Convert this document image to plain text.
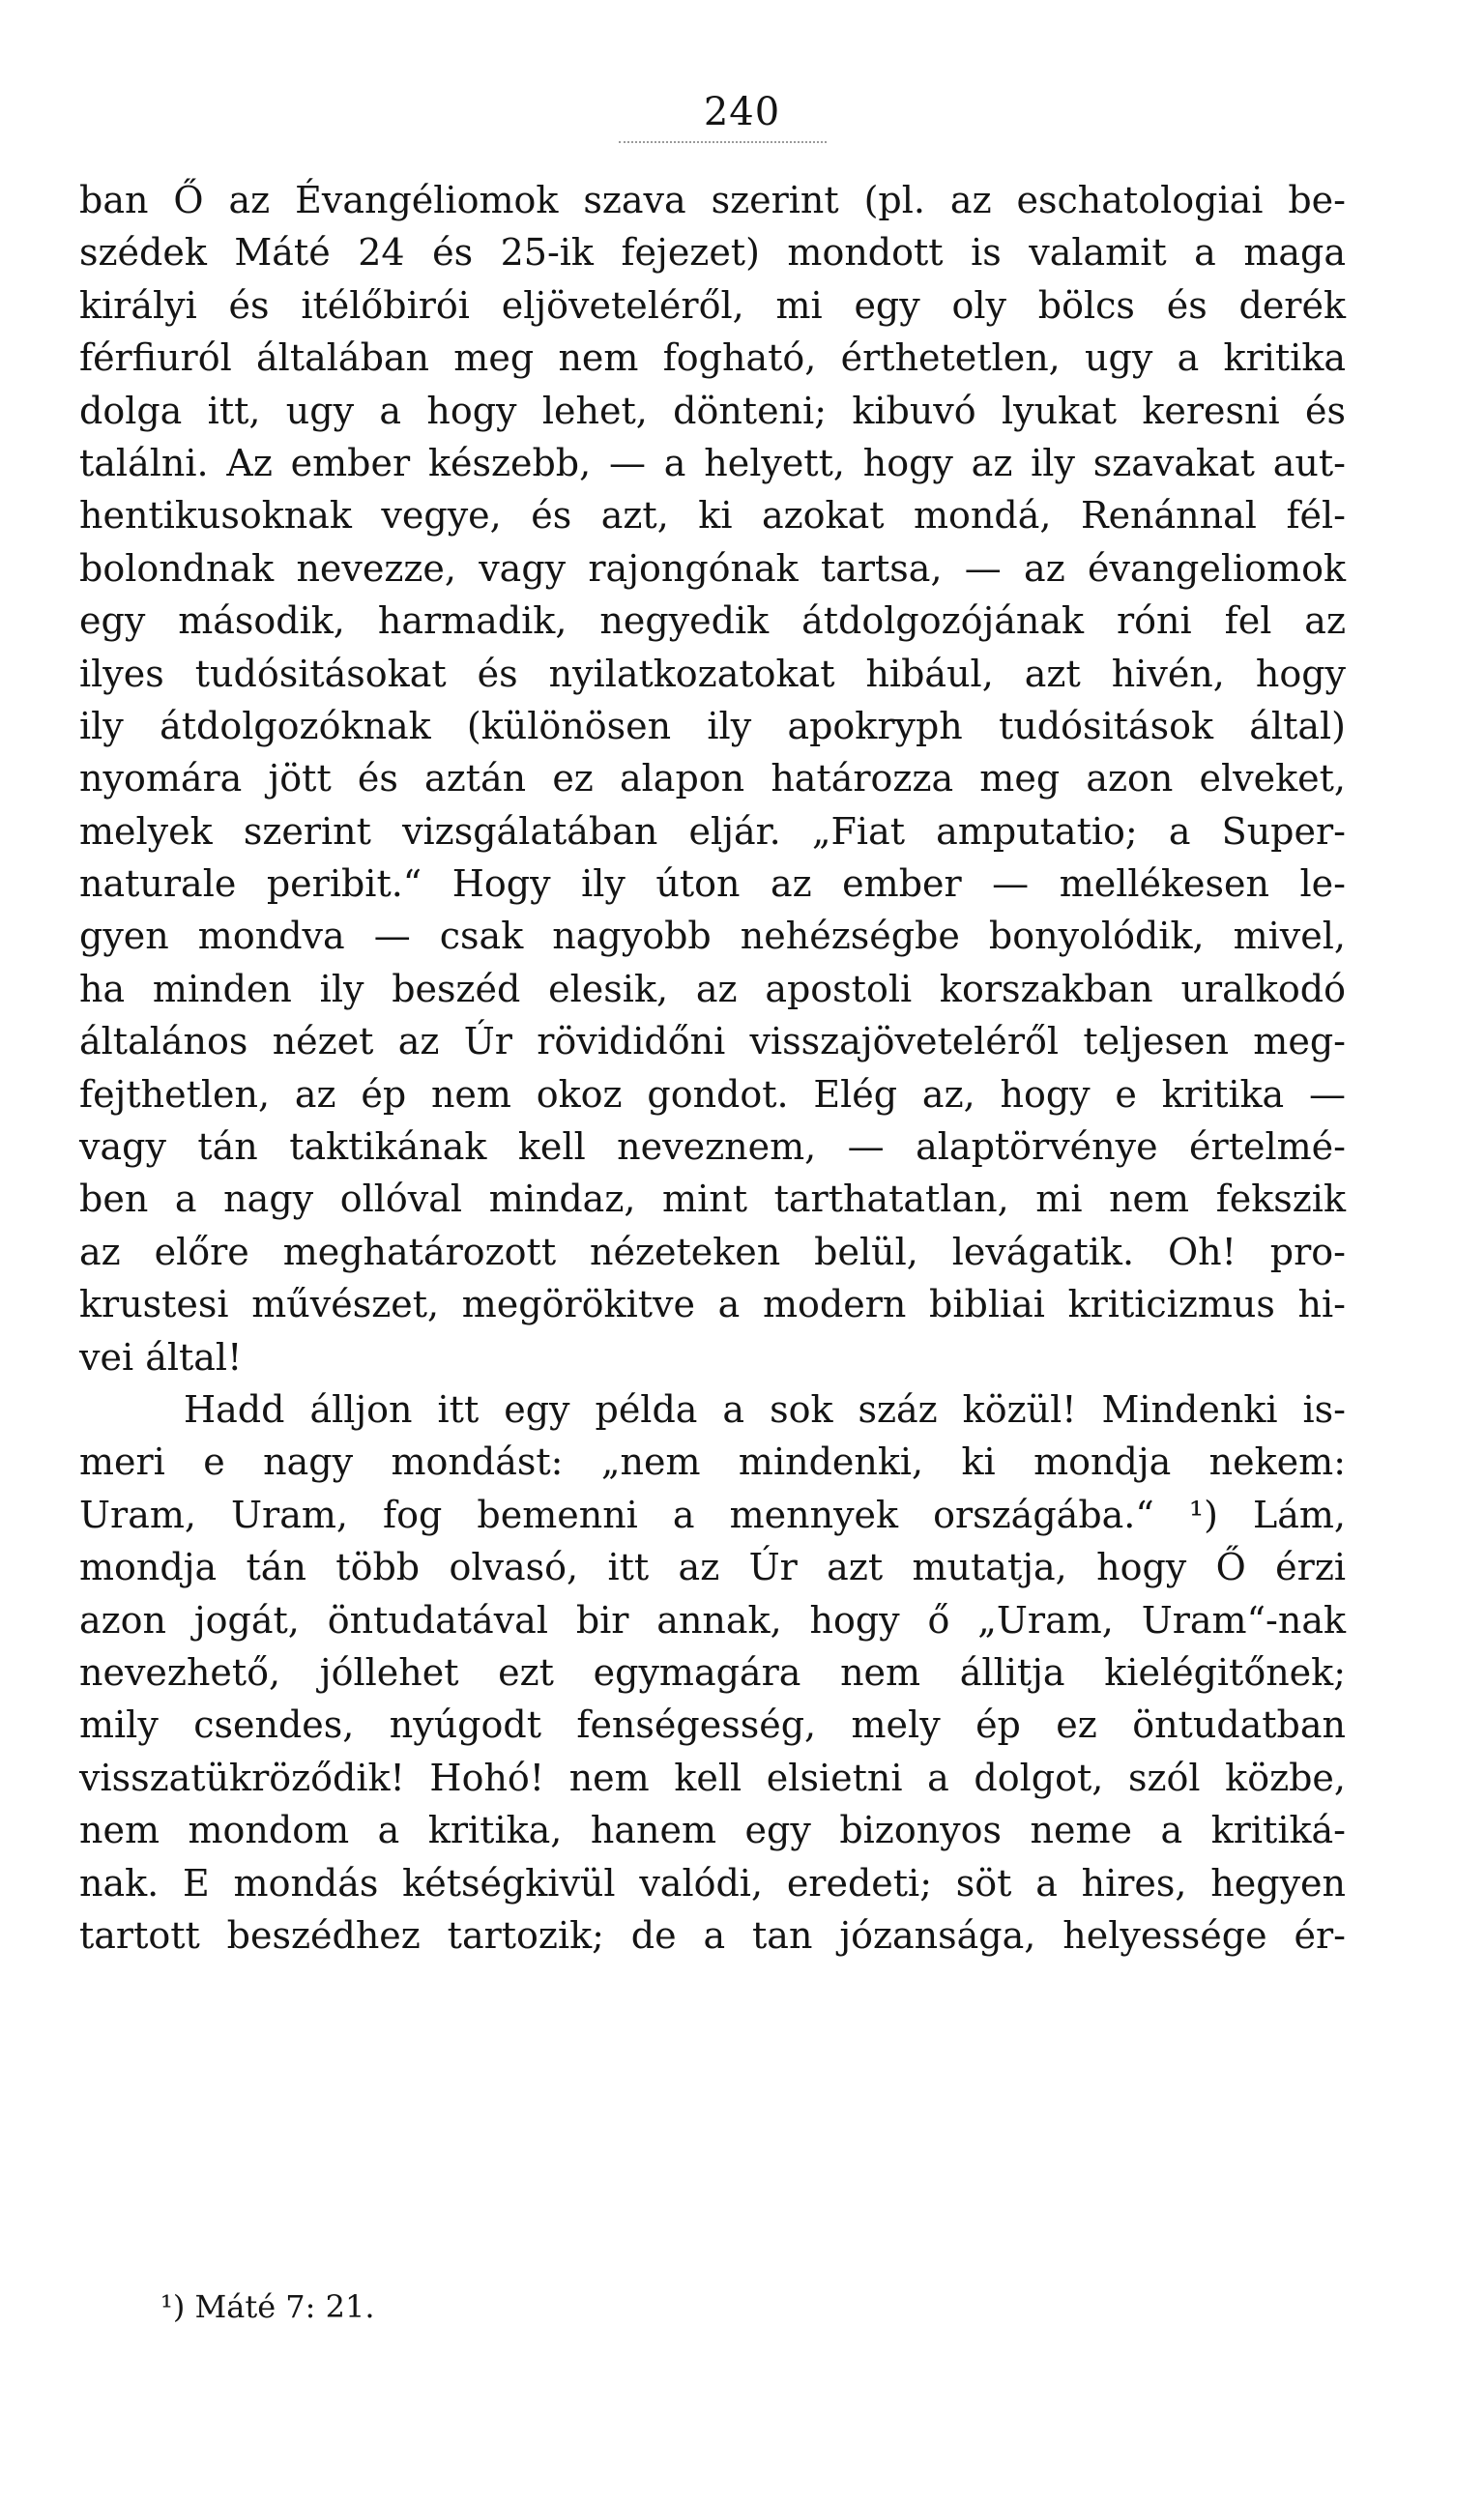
240
ban Ő az Évangéliomok szava szerint (pl. az eschatologiai be-
szédek Máté 24 és 25-ik fejezet) mondott is valamit a maga
királyi és itélőbirói eljöveteléről, mi egy oly bölcs és derék
férfiuról általában meg nem fogható, érthetetlen, ugy a kritika
dolga itt, ugy a hogy lehet, dönteni; kibuvó lyukat keresni és
találni. Az ember készebb, — a helyett, hogy az ily szavakat aut-
hentikusoknak vegye, és azt, ki azokat mondá, Renánnal fél-
bolondnak nevezze, vagy rajongónak tartsa, — az évangeliomok
egy második, harmadik, negyedik átdolgozójának róni fel az
ilyes tudósitásokat és nyilatkozatokat hibául, azt hivén, hogy
ily átdolgozóknak (különösen ily apokryph tudósitások által)
nyomára jött és aztán ez alapon határozza meg azon elveket,
melyek szerint vizsgálatában eljár. „Fiat amputatio; a Super-
naturale peribit.“ Hogy ily úton az ember — mellékesen le-
gyen mondva — csak nagyobb nehézségbe bonyolódik, mivel,
ha minden ily beszéd elesik, az apostoli korszakban uralkodó
általános nézet az Úr rövididőni visszajöveteléről teljesen meg-
fejthetlen, az ép nem okoz gondot. Elég az, hogy e kritika —
vagy tán taktikának kell neveznem, — alaptörvénye értelmé-
ben a nagy ollóval mindaz, mint tarthatatlan, mi nem fekszik
az előre meghatározott nézeteken belül, levágatik. Oh! pro-
krustesi művészet, megörökitve a modern bibliai kriticizmus hi-
vei által!
Hadd álljon itt egy példa a sok száz közül! Mindenki is-
meri e nagy mondást: „nem mindenki, ki mondja nekem:
Uram, Uram, fog bemenni a mennyek országába.“ ¹) Lám,
mondja tán több olvasó, itt az Úr azt mutatja, hogy Ő érzi
azon jogát, öntudatával bir annak, hogy ő „Uram, Uram“-nak
nevezhető, jóllehet ezt egymagára nem állitja kielégitőnek;
mily csendes, nyúgodt fenségesség, mely ép ez öntudatban
visszatükröződik! Hohó! nem kell elsietni a dolgot, szól közbe,
nem mondom a kritika, hanem egy bizonyos neme a kritiká-
nak. E mondás kétségkivül valódi, eredeti; söt a hires, hegyen
tartott beszédhez tartozik; de a tan józansága, helyessége ér-
¹) Máté 7: 21.
